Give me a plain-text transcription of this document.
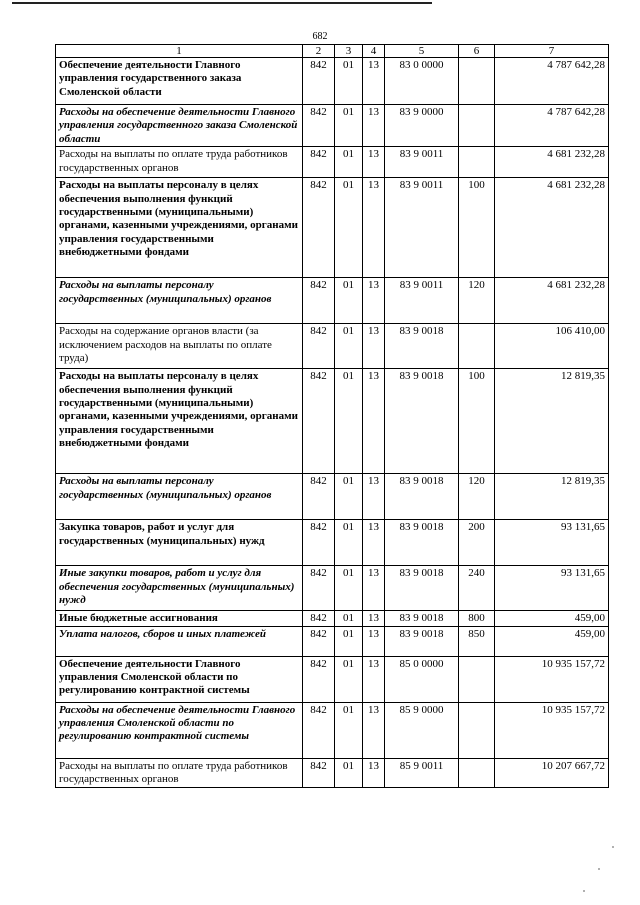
682
1	2	3	4	5	6	7
Обеспечение деятельности Главного управления государственного заказа Смоленской области	842	01	13	83 0 0000		4 787 642,28
Расходы на обеспечение деятельности Главного управления государственного заказа Смоленской области	842	01	13	83 9 0000		4 787 642,28
Расходы на выплаты по оплате труда работников государственных органов	842	01	13	83 9 0011		4 681 232,28
Расходы на выплаты персоналу в целях обеспечения выполнения функций государственными (муниципальными) органами, казенными учреждениями, органами управления государственными внебюджетными фондами	842	01	13	83 9 0011	100	4 681 232,28
Расходы на выплаты персоналу государственных (муниципальных) органов	842	01	13	83 9 0011	120	4 681 232,28
Расходы на содержание органов власти (за исключением расходов на выплаты по оплате труда)	842	01	13	83 9 0018		106 410,00
Расходы на выплаты персоналу в целях обеспечения выполнения функций государственными (муниципальными) органами, казенными учреждениями, органами управления государственными внебюджетными фондами	842	01	13	83 9 0018	100	12 819,35
Расходы на выплаты персоналу государственных (муниципальных) органов	842	01	13	83 9 0018	120	12 819,35
Закупка товаров, работ и услуг для государственных (муниципальных) нужд	842	01	13	83 9 0018	200	93 131,65
Иные закупки товаров, работ и услуг для обеспечения государственных (муниципальных) нужд	842	01	13	83 9 0018	240	93 131,65
Иные бюджетные ассигнования	842	01	13	83 9 0018	800	459,00
Уплата налогов, сборов и иных платежей	842	01	13	83 9 0018	850	459,00
Обеспечение деятельности Главного управления Смоленской области по регулированию контрактной системы	842	01	13	85 0 0000		10 935 157,72
Расходы на обеспечение деятельности Главного управления Смоленской области по регулированию контрактной системы	842	01	13	85 9 0000		10 935 157,72
Расходы на выплаты по оплате труда работников государственных органов	842	01	13	85 9 0011		10 207 667,72
